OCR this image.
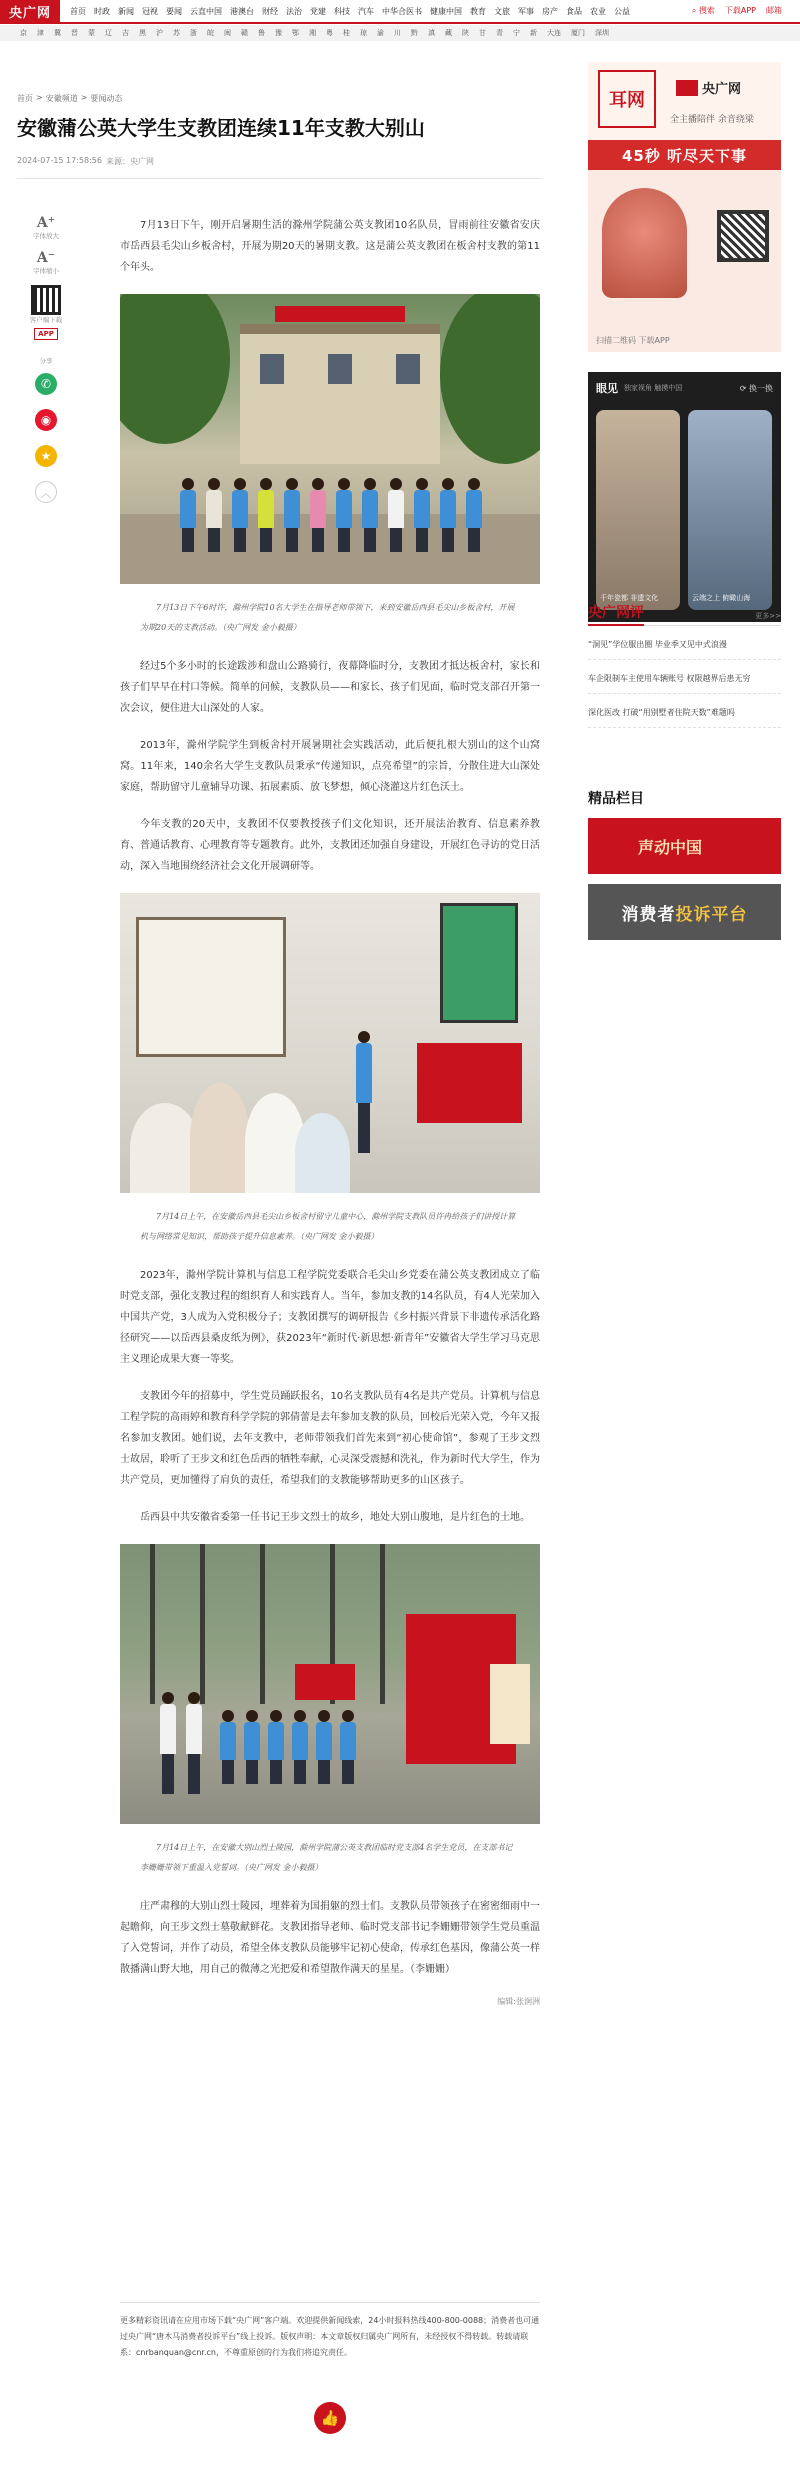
央广网	首页 时政 新闻 冠视 要闻 云直中国 港澳台 财经 法治 党建 科技 汽车 中华合医书 健康中国 教育 文旅 军事 房产 食品 农业 公益	⌕ 搜索 下载APP 邮箱
京 津 冀 晋 蒙 辽 吉 黑 沪 苏 浙 皖 闽 赣 鲁 豫 鄂 湘 粤 桂 琼 渝 川 黔 滇 藏 陕 甘 青 宁 新 大连 厦门 深圳
首页 > 安徽频道 > 要闻动态
安徽蒲公英大学生支教团连续11年支教大别山
2024-07-15 17:58:56 来源：央广网
A⁺
字体放大
A⁻
字体缩小
客户端下载
APP
分享
✆
◉
★
︿

7月13日下午，刚开启暑期生活的滁州学院蒲公英支教团10名队员，冒雨前往安徽省安庆市岳西县毛尖山乡板舍村，开展为期20天的暑期支教。这是蒲公英支教团在板舍村支教的第11个年头。

7月13日下午6时许，滁州学院10名大学生在指导老师带领下，来到安徽岳西县毛尖山乡板舍村，开展为期20天的支教活动。（央广网发 金小毅摄）

经过5个多小时的长途跋涉和盘山公路骑行，夜幕降临时分，支教团才抵达板舍村，家长和孩子们早早在村口等候。简单的问候，支教队员——和家长、孩子们见面，临时党支部召开第一次会议，便住进大山深处的人家。

2013年，滁州学院学生到板舍村开展暑期社会实践活动，此后便扎根大别山的这个山窝窝。11年来，140余名大学生支教队员秉承“传递知识，点亮希望”的宗旨，分散住进大山深处家庭，帮助留守儿童辅导功课、拓展素质、放飞梦想，倾心浇灌这片红色沃土。

今年支教的20天中，支教团不仅要教授孩子们文化知识，还开展法治教育、信息素养教育、普通话教育、心理教育等专题教育。此外，支教团还加强自身建设，开展红色寻访的党日活动，深入当地围绕经济社会文化开展调研等。

7月14日上午，在安徽岳西县毛尖山乡板舍村留守儿童中心，滁州学院支教队员许冉给孩子们讲授计算机与网络常见知识，帮助孩子提升信息素养。（央广网发 金小毅摄）

2023年，滁州学院计算机与信息工程学院党委联合毛尖山乡党委在蒲公英支教团成立了临时党支部，强化支教过程的组织育人和实践育人。当年，参加支教的14名队员，有4人光荣加入中国共产党，3人成为入党积极分子；支教团撰写的调研报告《乡村振兴背景下非遗传承活化路径研究——以岳西县桑皮纸为例》，获2023年“新时代·新思想·新青年”安徽省大学生学习马克思主义理论成果大赛一等奖。

支教团今年的招募中，学生党员踊跃报名，10名支教队员有4名是共产党员。计算机与信息工程学院的高雨婷和教育科学学院的郭倩蕾是去年参加支教的队员，回校后光荣入党，今年又报名参加支教团。她们说，去年支教中，老师带领我们首先来到“初心使命馆”，参观了王步文烈士故居，聆听了王步文和红色岳西的牺牲奉献，心灵深受震撼和洗礼，作为新时代大学生，作为共产党员，更加懂得了肩负的责任，希望我们的支教能够帮助更多的山区孩子。

岳西县中共安徽省委第一任书记王步文烈士的故乡，地处大别山腹地，是片红色的土地。

7月14日上午，在安徽大别山烈士陵园，滁州学院蒲公英支教团临时党支部4名学生党员，在支部书记李姗姗带领下重温入党誓词。（央广网发 金小毅摄）

庄严肃穆的大别山烈士陵园，埋葬着为国捐躯的烈士们。支教队员带领孩子在密密细雨中一起瞻仰，向王步文烈士墓敬献鲜花。支教团指导老师、临时党支部书记李姗姗带领学生党员重温了入党誓词，并作了动员，希望全体支教队员能够牢记初心使命，传承红色基因，像蒲公英一样散播满山野大地，用自己的微薄之光把爱和希望散作满天的星星。（李姗姗）

编辑:张涧洲
更多精彩资讯请在应用市场下载“央广网”客户端。欢迎提供新闻线索，24小时报料热线400-800-0088；消费者也可通过央广网“唐木马消费者投诉平台”线上投诉。版权声明：本文章版权归属央广网所有，未经授权不得转载。转载请联系：cnrbanquan@cnr.cn，不尊重原创的行为我们将追究责任。
👍
耳网
央广网
全主播陪伴 余音绕梁
45秒 听尽天下事
扫描二维码 下载APP
眼见 独家视角 触摸中国	⟳ 换一换
千年瓷都 非遗文化	云端之上 俯瞰山海
央广网评	更多>>
“洞见”学位服出圈 毕业季又见中式浪漫
车企限制车主使用车辆账号 权限越界后患无穷
深化医改 打破“用别墅者住院天数”难题吗
精品栏目
声动中国
消费者 投诉平台
